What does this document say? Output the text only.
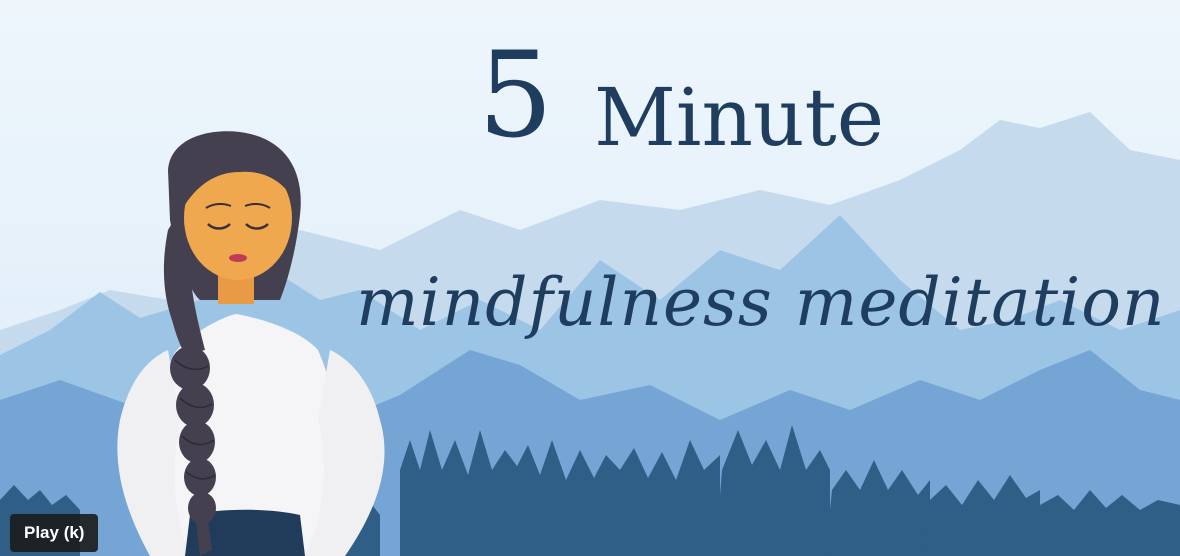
5 Minute
mindfulness meditation
Play (k)
